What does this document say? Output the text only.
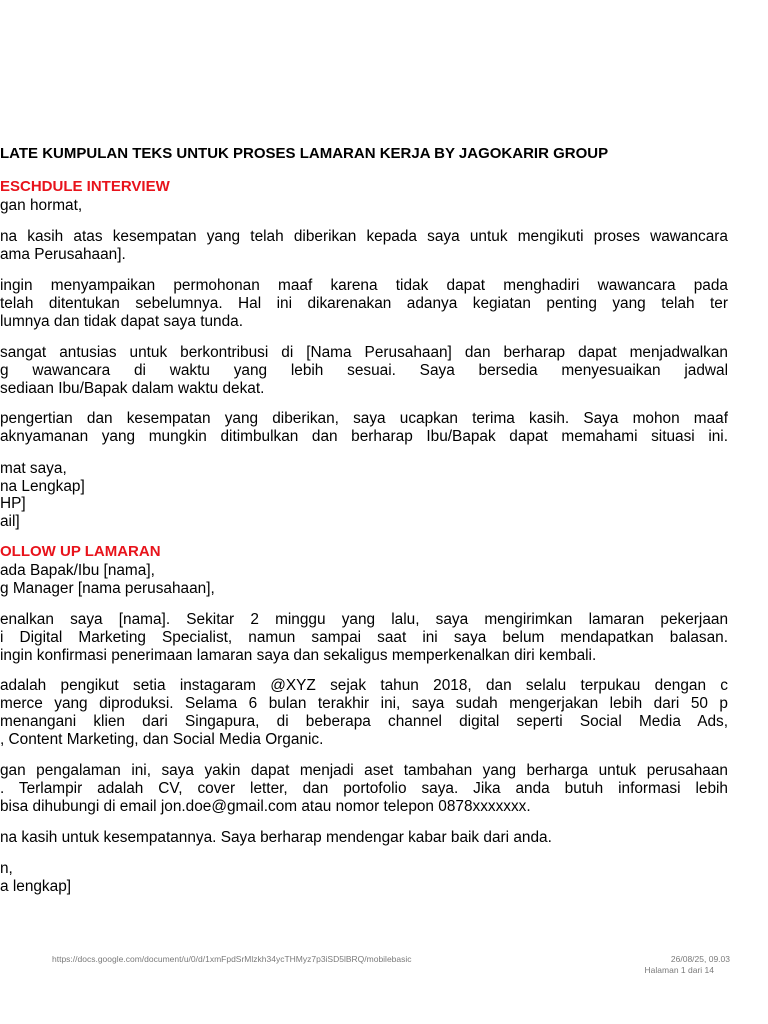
LATE KUMPULAN TEKS UNTUK PROSES LAMARAN KERJA BY JAGOKARIR GROUP
ESCHDULE INTERVIEW
gan hormat,
na kasih atas kesempatan yang telah diberikan kepada saya untuk mengikuti proses wawancara
ama Perusahaan].
ingin menyampaikan permohonan maaf karena tidak dapat menghadiri wawancara pada
telah ditentukan sebelumnya. Hal ini dikarenakan adanya kegiatan penting yang telah ter
lumnya dan tidak dapat saya tunda.
sangat antusias untuk berkontribusi di [Nama Perusahaan] dan berharap dapat menjadwalkan
g wawancara di waktu yang lebih sesuai. Saya bersedia menyesuaikan jadwal
sediaan Ibu/Bapak dalam waktu dekat.
pengertian dan kesempatan yang diberikan, saya ucapkan terima kasih. Saya mohon maaf
aknyamanan yang mungkin ditimbulkan dan berharap Ibu/Bapak dapat memahami situasi ini.
mat saya,
na Lengkap]
HP]
ail]
OLLOW UP LAMARAN
ada Bapak/Ibu [nama],
g Manager [nama perusahaan],
enalkan saya [nama]. Sekitar 2 minggu yang lalu, saya mengirimkan lamaran pekerjaan
i Digital Marketing Specialist, namun sampai saat ini saya belum mendapatkan balasan.
ingin konfirmasi penerimaan lamaran saya dan sekaligus memperkenalkan diri kembali.
adalah pengikut setia instagaram @XYZ sejak tahun 2018, dan selalu terpukau dengan c
merce yang diproduksi. Selama 6 bulan terakhir ini, saya sudah mengerjakan lebih dari 50 p
menangani klien dari Singapura, di beberapa channel digital seperti Social Media Ads,
, Content Marketing, dan Social Media Organic.
gan pengalaman ini, saya yakin dapat menjadi aset tambahan yang berharga untuk perusahaan
. Terlampir adalah CV, cover letter, dan portofolio saya. Jika anda butuh informasi lebih
bisa dihubungi di email jon.doe@gmail.com atau nomor telepon 0878xxxxxxx.
na kasih untuk kesempatannya. Saya berharap mendengar kabar baik dari anda.
n,
a lengkap]
https://docs.google.com/document/u/0/d/1xmFpdSrMlzkh34ycTHMyz7p3iSD5lBRQ/mobilebasic	26/08/25, 09.03
Halaman 1 dari 14
